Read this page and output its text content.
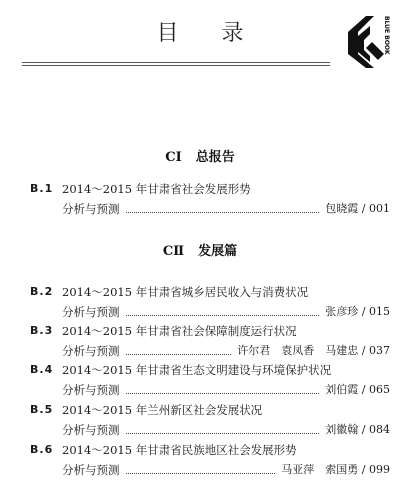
目 录	BLUE BOOK
ⅭⅠ 总报告
B.1 2014～2015 年甘肃省社会发展形势
分析与预测	包晓霞 / 001
ⅭⅡ 发展篇
B.2 2014～2015 年甘肃省城乡居民收入与消费状况
分析与预测	张彦珍 / 015
B.3 2014～2015 年甘肃省社会保障制度运行状况
分析与预测	许尔君　袁凤香　马建忠 / 037
B.4 2014～2015 年甘肃省生态文明建设与环境保护状况
分析与预测	刘伯霞 / 065
B.5 2014～2015 年兰州新区社会发展状况
分析与预测	刘徽翰 / 084
B.6 2014～2015 年甘肃省民族地区社会发展形势
分析与预测	马亚萍　索国勇 / 099
